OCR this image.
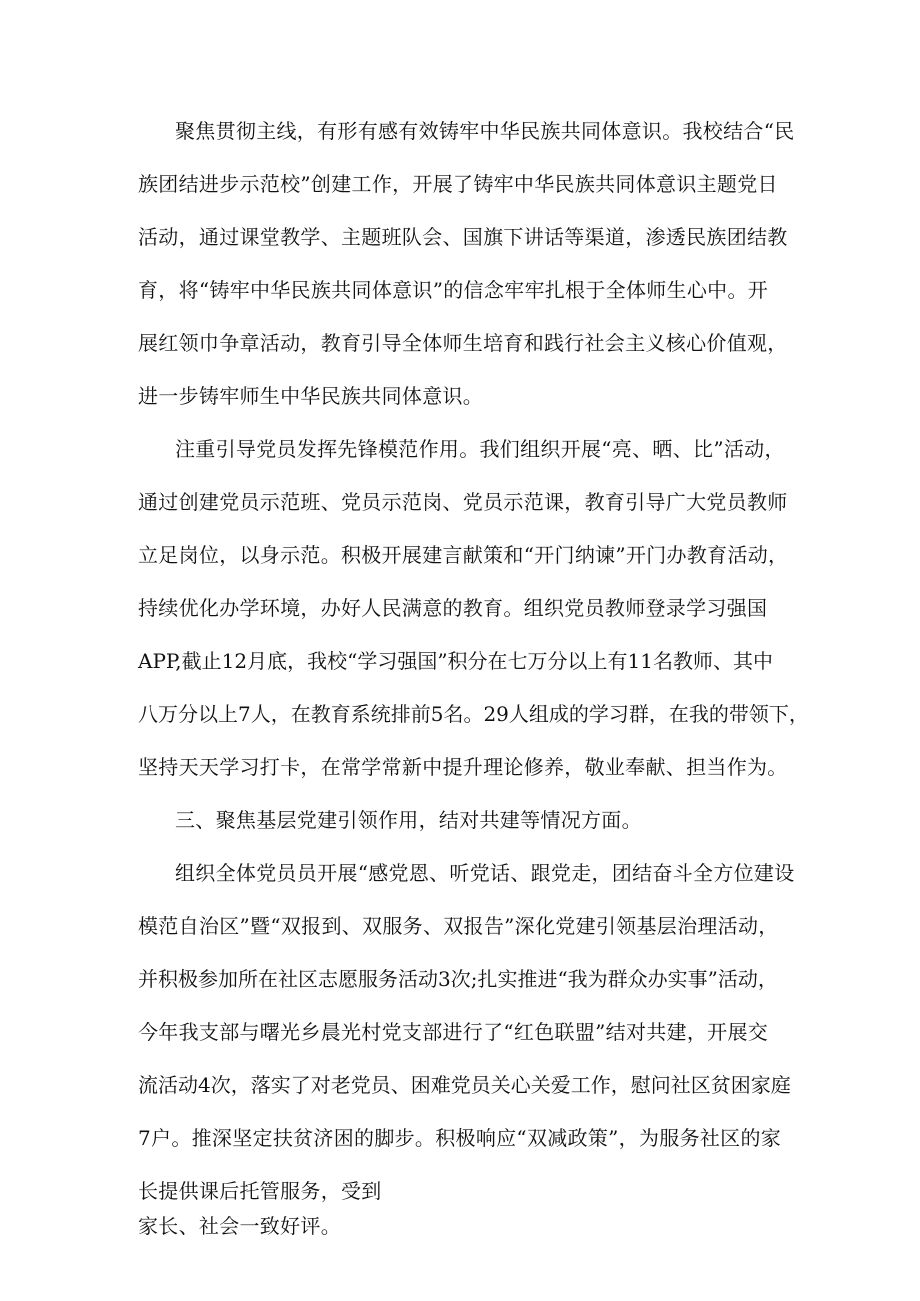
聚焦贯彻主线，有形有感有效铸牢中华民族共同体意识。我校结合“民
族团结进步示范校”创建工作，开展了铸牢中华民族共同体意识主题党日
活动，通过课堂教学、主题班队会、国旗下讲话等渠道，渗透民族团结教
育，将“铸牢中华民族共同体意识”的信念牢牢扎根于全体师生心中。开
展红领巾争章活动，教育引导全体师生培育和践行社会主义核心价值观，
进一步铸牢师生中华民族共同体意识。
注重引导党员发挥先锋模范作用。我们组织开展“亮、晒、比”活动，
通过创建党员示范班、党员示范岗、党员示范课，教育引导广大党员教师
立足岗位，以身示范。积极开展建言献策和“开门纳谏”开门办教育活动，
持续优化办学环境，办好人民满意的教育。组织党员教师登录学习强国
APP,截止12月底，我校“学习强国”积分在七万分以上有11名教师、其中
八万分以上7人，在教育系统排前5名。29人组成的学习群，在我的带领下，
坚持天天学习打卡，在常学常新中提升理论修养，敬业奉献、担当作为。
三、聚焦基层党建引领作用，结对共建等情况方面。
组织全体党员员开展“感党恩、听党话、跟党走，团结奋斗全方位建设
模范自治区”暨“双报到、双服务、双报告”深化党建引领基层治理活动，
并积极参加所在社区志愿服务活动3次;扎实推进“我为群众办实事”活动，
今年我支部与曙光乡晨光村党支部进行了“红色联盟”结对共建，开展交
流活动4次，落实了对老党员、困难党员关心关爱工作，慰问社区贫困家庭
7户。推深坚定扶贫济困的脚步。积极响应“双减政策”，为服务社区的家
长提供课后托管服务，受到
家长、社会一致好评。
